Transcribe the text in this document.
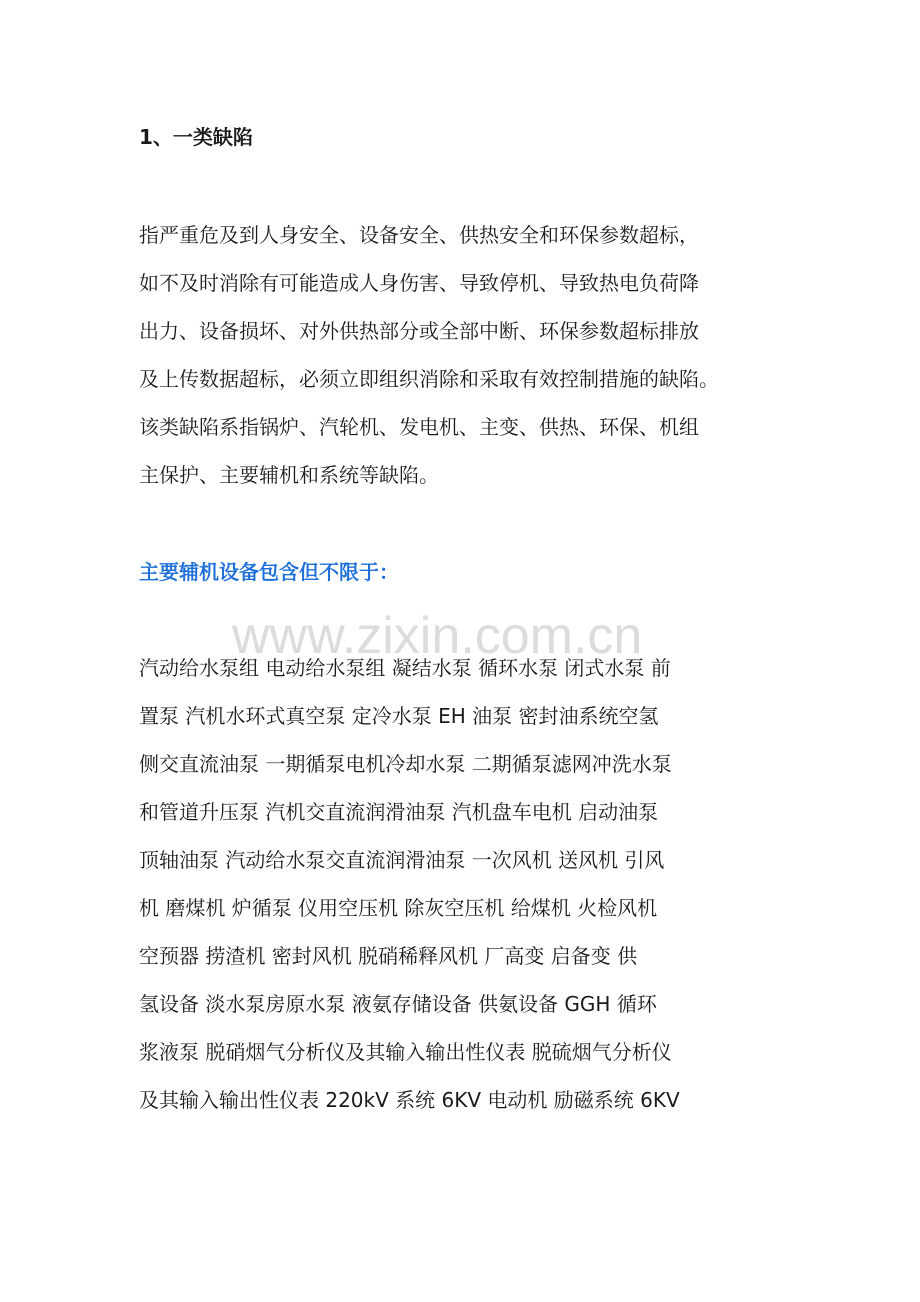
1、一类缺陷
指严重危及到人身安全、设备安全、供热安全和环保参数超标，
如不及时消除有可能造成人身伤害、导致停机、导致热电负荷降
出力、设备损坏、对外供热部分或全部中断、环保参数超标排放
及上传数据超标，必须立即组织消除和采取有效控制措施的缺陷。
该类缺陷系指锅炉、汽轮机、发电机、主变、供热、环保、机组
主保护、主要辅机和系统等缺陷。
主要辅机设备包含但不限于：
www.zixin.com.cn
汽动给水泵组 电动给水泵组 凝结水泵 循环水泵 闭式水泵 前
置泵 汽机水环式真空泵 定冷水泵 EH 油泵 密封油系统空氢
侧交直流油泵 一期循泵电机冷却水泵 二期循泵滤网冲洗水泵
和管道升压泵 汽机交直流润滑油泵 汽机盘车电机 启动油泵
顶轴油泵 汽动给水泵交直流润滑油泵 一次风机 送风机 引风
机 磨煤机 炉循泵 仪用空压机 除灰空压机 给煤机 火检风机
空预器 捞渣机 密封风机 脱硝稀释风机 厂高变 启备变 供
氢设备 淡水泵房原水泵 液氨存储设备 供氨设备 GGH 循环
浆液泵 脱硝烟气分析仪及其输入输出性仪表 脱硫烟气分析仪
及其输入输出性仪表 220kV 系统 6KV 电动机 励磁系统 6KV
